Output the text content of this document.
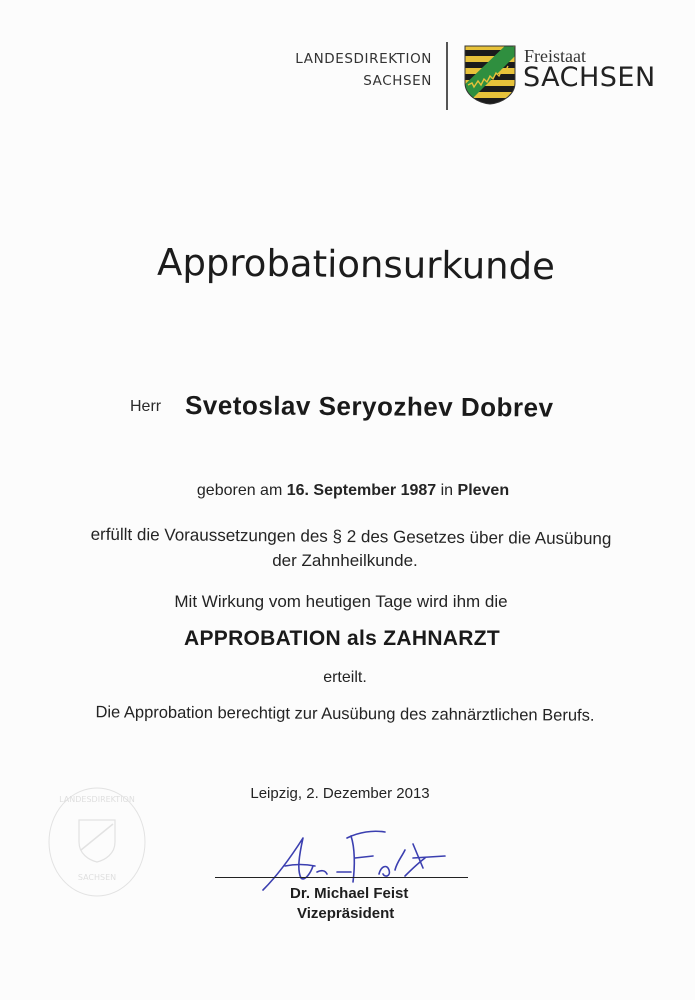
LANDESDIREKTION
SACHSEN
Freistaat
SACHSEN
Approbationsurkunde
Herr Svetoslav Seryozhev Dobrev
geboren am 16. September 1987 in Pleven
erfüllt die Voraussetzungen des § 2 des Gesetzes über die Ausübung
der Zahnheilkunde.
Mit Wirkung vom heutigen Tage wird ihm die
APPROBATION als ZAHNARZT
erteilt.
Die Approbation berechtigt zur Ausübung des zahnärztlichen Berufs.
Leipzig, 2. Dezember 2013
LANDESDIREKTION
SACHSEN
Dr. Michael Feist
Vizepräsident
